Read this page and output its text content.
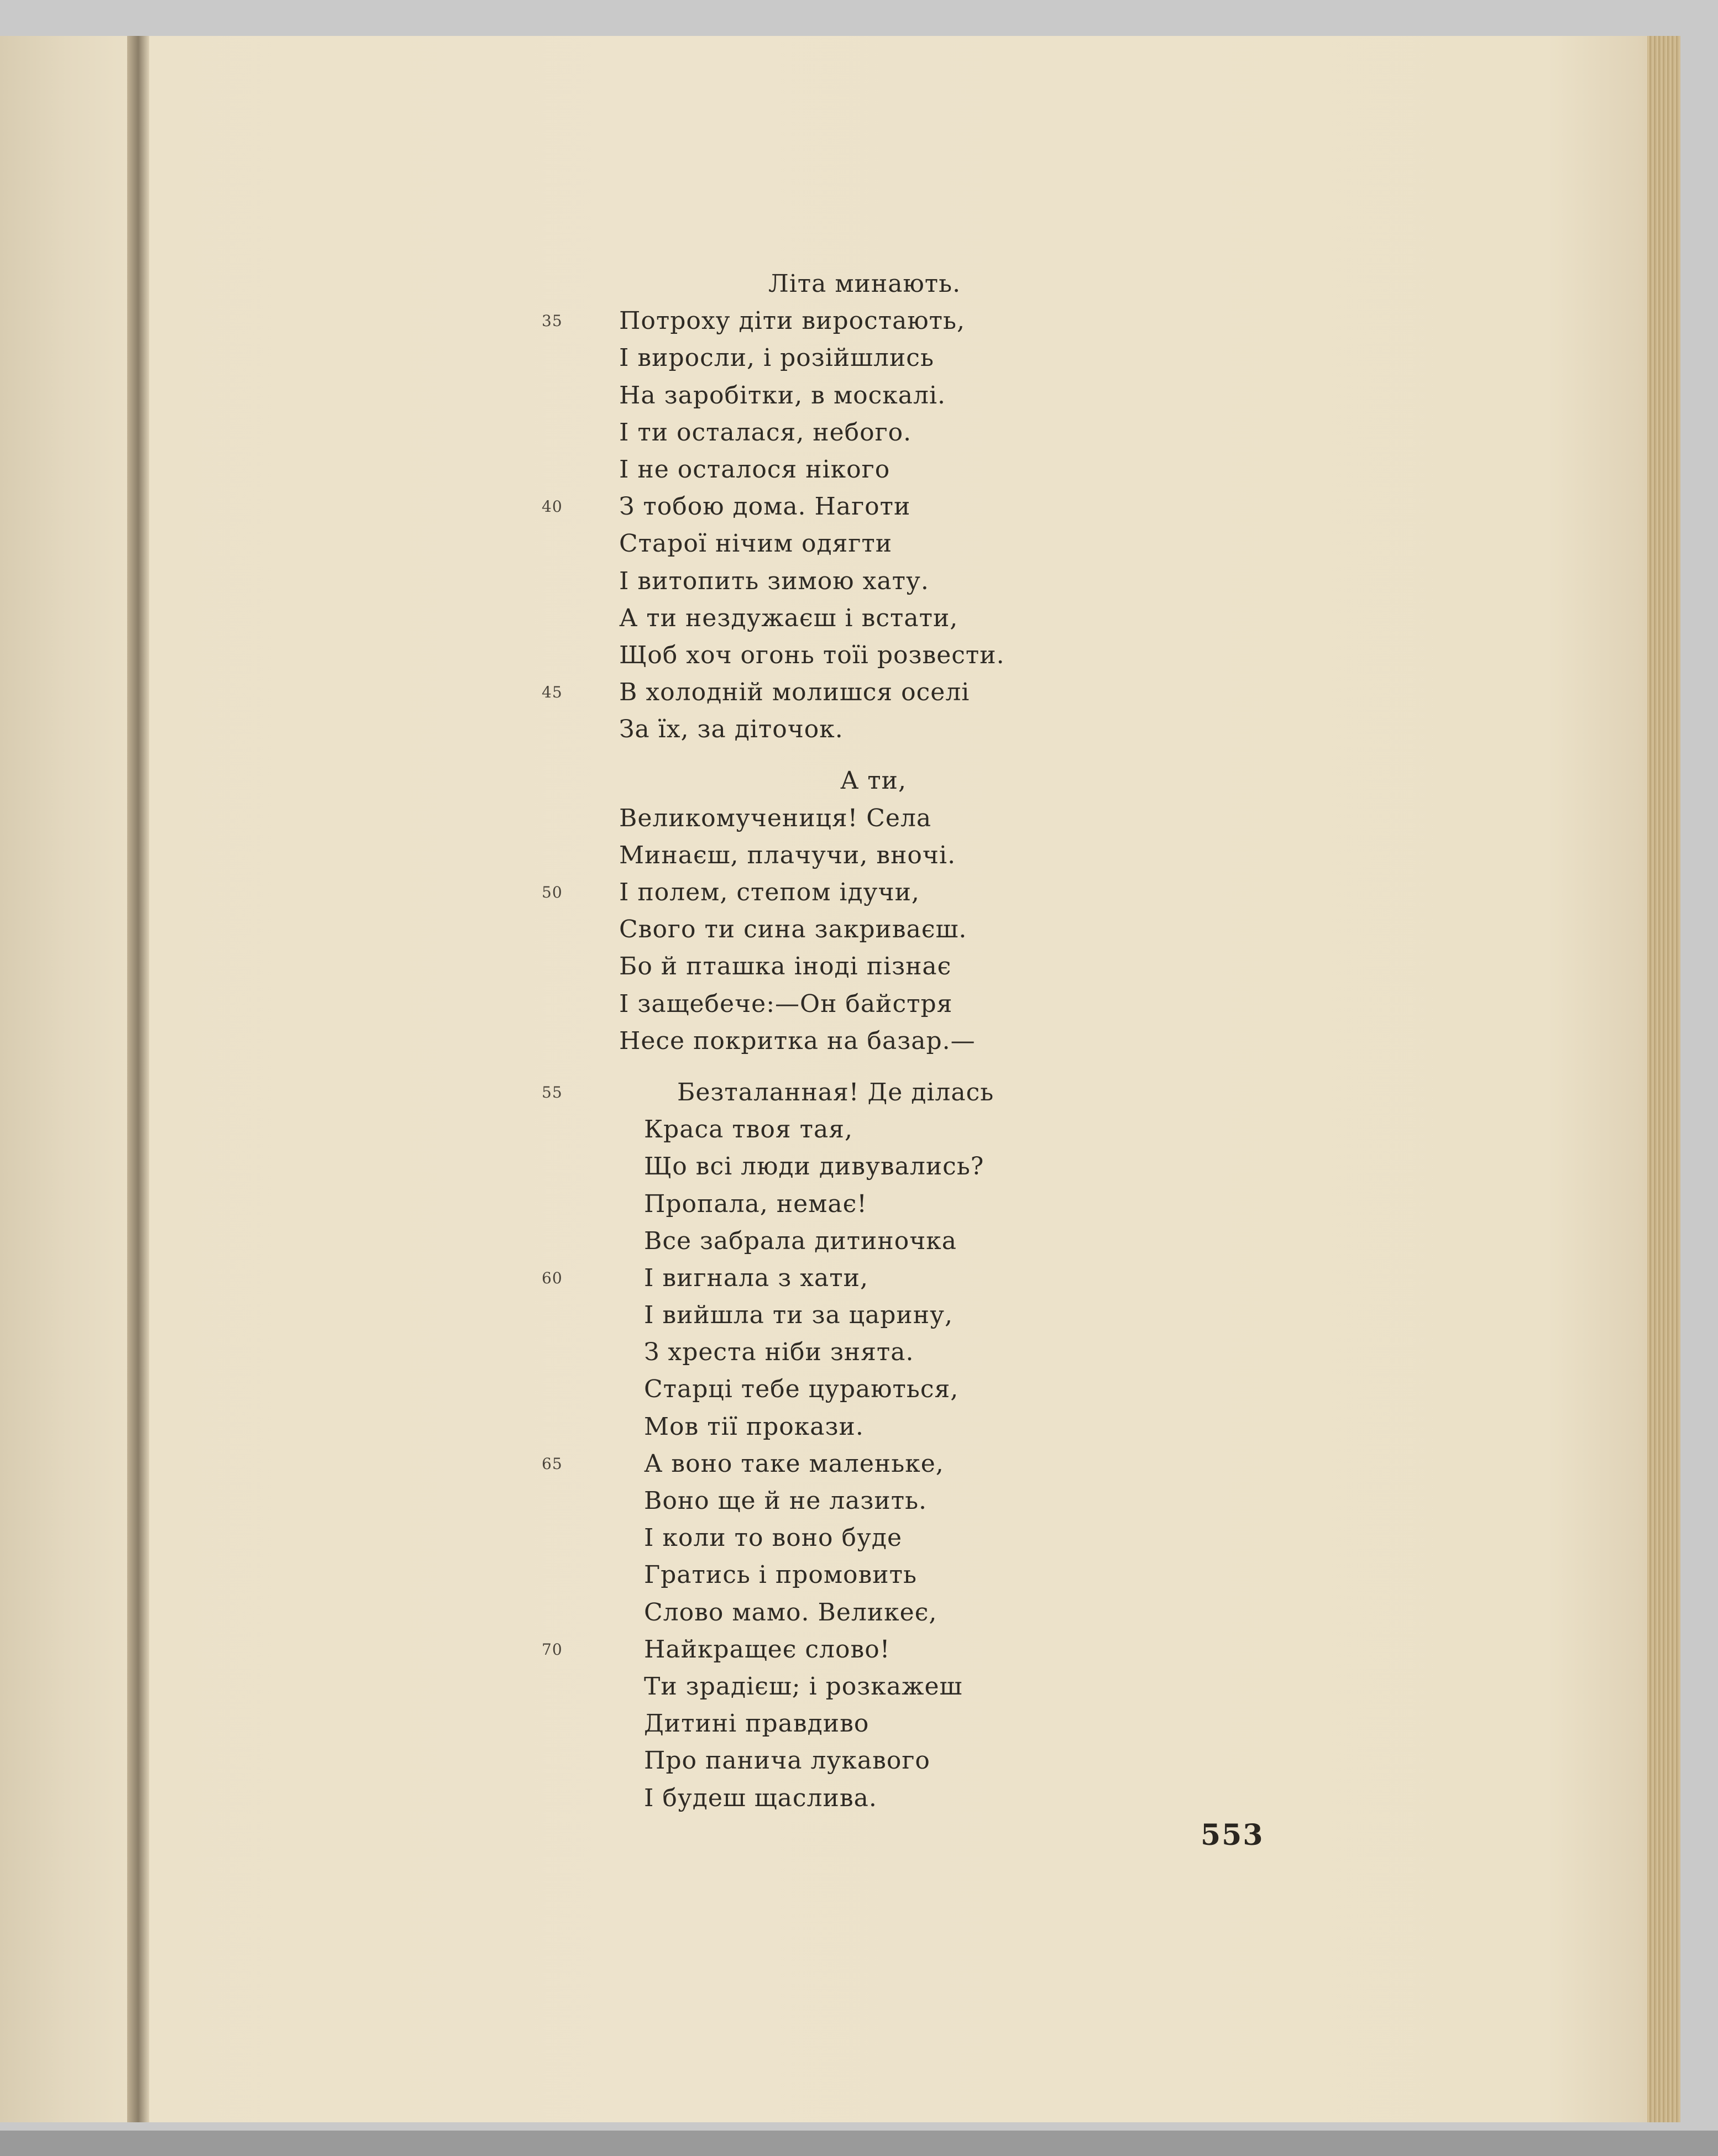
Літа минають.
35	Потроху діти виростають,
І виросли, і розійшлись
На заробітки, в москалі.
І ти осталася, небого.
І не осталося нікого
40	З тобою дома. Наготи
Старої нічим одягти
І витопить зимою хату.
А ти нездужаєш і встати,
Щоб хоч огонь тоїі розвести.
45	В холодній молишся оселі
За їх, за діточок.
А ти,
Великомучениця! Села
Минаєш, плачучи, вночі.
50	І полем, степом ідучи,
Свого ти сина закриваєш.
Бо й пташка іноді пізнає
І защебече:—Он байстря
Несе покритка на базар.—
55	Безталанная! Де ділась
Краса твоя тая,
Що всі люди дивувались?
Пропала, немає!
Все забрала дитиночка
60	І вигнала з хати,
І вийшла ти за царину,
З хреста ніби знята.
Старці тебе цураються,
Мов тії прокази.
65	А воно таке маленьке,
Воно ще й не лазить.
І коли то воно буде
Гратись і промовить
Слово мамо. Великеє,
70	Найкращеє слово!
Ти зрадієш; і розкажеш
Дитині правдиво
Про панича лукавого
І будеш щаслива.
553
